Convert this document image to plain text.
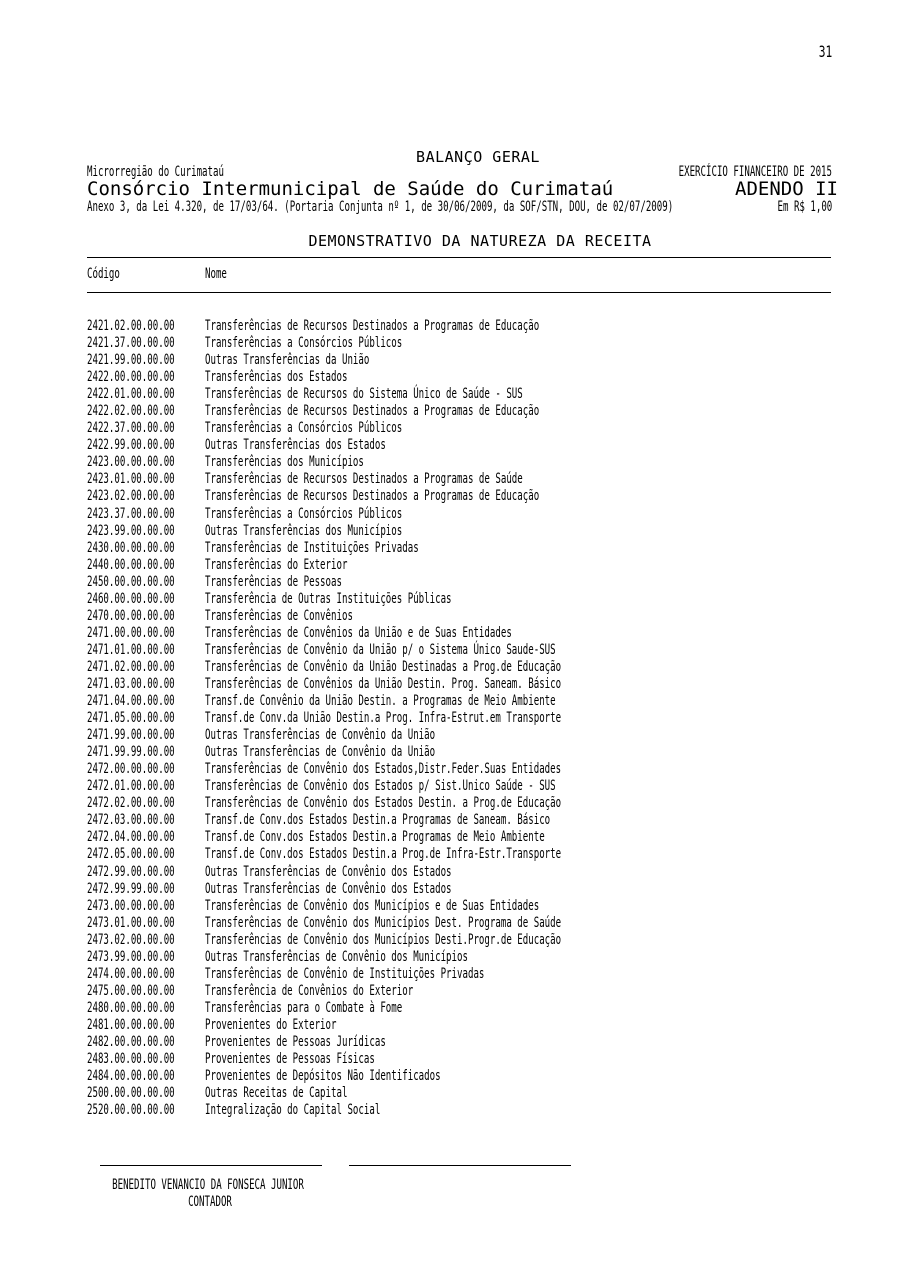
31
BALANÇO GERAL
Microrregião do Curimataú	EXERCÍCIO FINANCEIRO DE 2015
Consórcio Intermunicipal de Saúde do Curimataú	ADENDO II
Anexo 3, da Lei 4.320, de 17/03/64. (Portaria Conjunta nº 1, de 30/06/2009, da SOF/STN, DOU, de 02/07/2009)	Em R$ 1,00
DEMONSTRATIVO DA NATUREZA DA RECEITA
Código	Nome
2421.02.00.00.00 Transferências de Recursos Destinados a Programas de Educação
2421.37.00.00.00 Transferências a Consórcios Públicos
2421.99.00.00.00 Outras Transferências da União
2422.00.00.00.00 Transferências dos Estados
2422.01.00.00.00 Transferências de Recursos do Sistema Único de Saúde - SUS
2422.02.00.00.00 Transferências de Recursos Destinados a Programas de Educação
2422.37.00.00.00 Transferências a Consórcios Públicos
2422.99.00.00.00 Outras Transferências dos Estados
2423.00.00.00.00 Transferências dos Municípios
2423.01.00.00.00 Transferências de Recursos Destinados a Programas de Saúde
2423.02.00.00.00 Transferências de Recursos Destinados a Programas de Educação
2423.37.00.00.00 Transferências a Consórcios Públicos
2423.99.00.00.00 Outras Transferências dos Municípios
2430.00.00.00.00 Transferências de Instituições Privadas
2440.00.00.00.00 Transferências do Exterior
2450.00.00.00.00 Transferências de Pessoas
2460.00.00.00.00 Transferência de Outras Instituições Públicas
2470.00.00.00.00 Transferências de Convênios
2471.00.00.00.00 Transferências de Convênios da União e de Suas Entidades
2471.01.00.00.00 Transferências de Convênio da União p/ o Sistema Único Saude-SUS
2471.02.00.00.00 Transferências de Convênio da União Destinadas a Prog.de Educação
2471.03.00.00.00 Transferências de Convênios da União Destin. Prog. Saneam. Básico
2471.04.00.00.00 Transf.de Convênio da União Destin. a Programas de Meio Ambiente
2471.05.00.00.00 Transf.de Conv.da União Destin.a Prog. Infra-Estrut.em Transporte
2471.99.00.00.00 Outras Transferências de Convênio da União
2471.99.99.00.00 Outras Transferências de Convênio da União
2472.00.00.00.00 Transferências de Convênio dos Estados,Distr.Feder.Suas Entidades
2472.01.00.00.00 Transferências de Convênio dos Estados p/ Sist.Unico Saúde - SUS
2472.02.00.00.00 Transferências de Convênio dos Estados Destin. a Prog.de Educação
2472.03.00.00.00 Transf.de Conv.dos Estados Destin.a Programas de Saneam. Básico
2472.04.00.00.00 Transf.de Conv.dos Estados Destin.a Programas de Meio Ambiente
2472.05.00.00.00 Transf.de Conv.dos Estados Destin.a Prog.de Infra-Estr.Transporte
2472.99.00.00.00 Outras Transferências de Convênio dos Estados
2472.99.99.00.00 Outras Transferências de Convênio dos Estados
2473.00.00.00.00 Transferências de Convênio dos Municípios e de Suas Entidades
2473.01.00.00.00 Transferências de Convênio dos Municípios Dest. Programa de Saúde
2473.02.00.00.00 Transferências de Convênio dos Municípios Desti.Progr.de Educação
2473.99.00.00.00 Outras Transferências de Convênio dos Municípios
2474.00.00.00.00 Transferências de Convênio de Instituições Privadas
2475.00.00.00.00 Transferência de Convênios do Exterior
2480.00.00.00.00 Transferências para o Combate à Fome
2481.00.00.00.00 Provenientes do Exterior
2482.00.00.00.00 Provenientes de Pessoas Jurídicas
2483.00.00.00.00 Provenientes de Pessoas Físicas
2484.00.00.00.00 Provenientes de Depósitos Não Identificados
2500.00.00.00.00 Outras Receitas de Capital
2520.00.00.00.00 Integralização do Capital Social
BENEDITO VENANCIO DA FONSECA JUNIOR
CONTADOR
